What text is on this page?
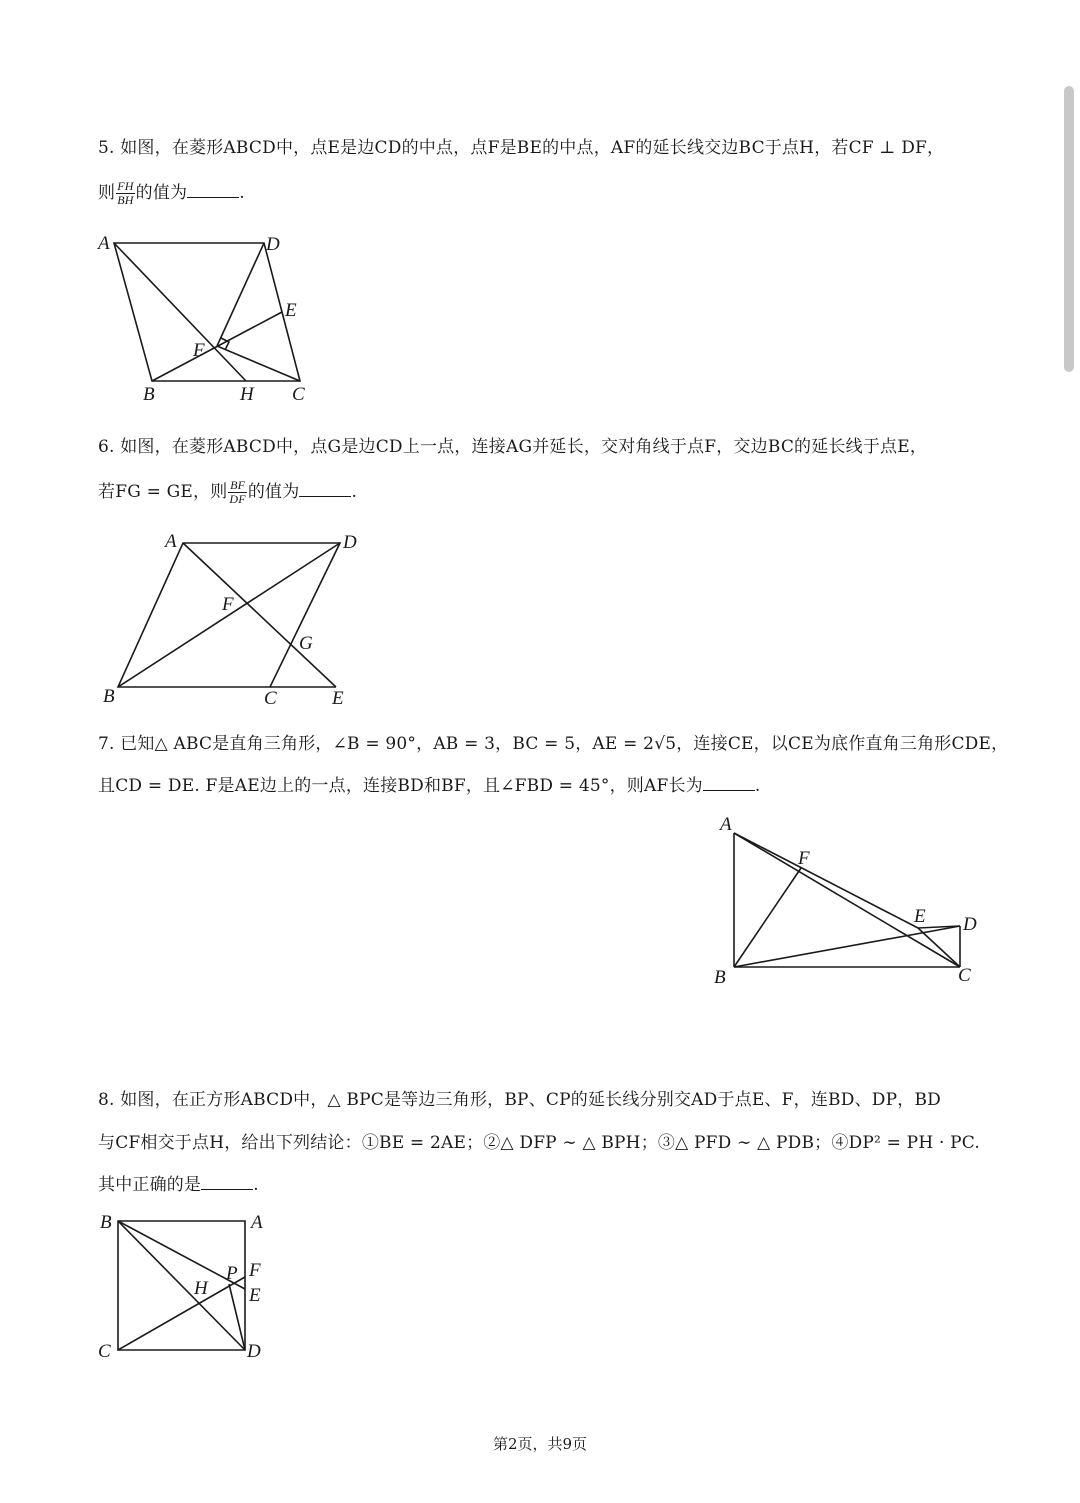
5. 如图，在菱形ABCD中，点E是边CD的中点，点F是BE的中点，AF的延长线交边BC于点H，若CF ⊥ DF，
则 $\frac{FH}{BH}$ 的值为	.
A	D
E
F
B	H C
6. 如图，在菱形ABCD中，点G是边CD上一点，连接AG并延长，交对角线于点F，交边BC的延长线于点E，
若FG = GE，则 $\frac{BF}{DF}$ 的值为	.
A	D
F
G
B	C	E
7. 已知△ ABC是直角三角形，∠B = 90°，AB = 3，BC = 5，AE = 2√5，连接CE，以CE为底作直角三角形CDE，
且CD = DE. F是AE边上的一点，连接BD和BF，且∠FBD = 45°，则AF长为	.
A
F
E D
B	C
8. 如图，在正方形ABCD中，△ BPC是等边三角形，BP、CP的延长线分别交AD于点E、F，连BD、DP，BD
与CF相交于点H，给出下列结论：①BE = 2AE；②△ DFP ∼ △ BPH；③△ PFD ∼ △ PDB；④DP² = PH · PC.
其中正确的是	.
B	A
P F
H E
C	D
第2页，共9页
